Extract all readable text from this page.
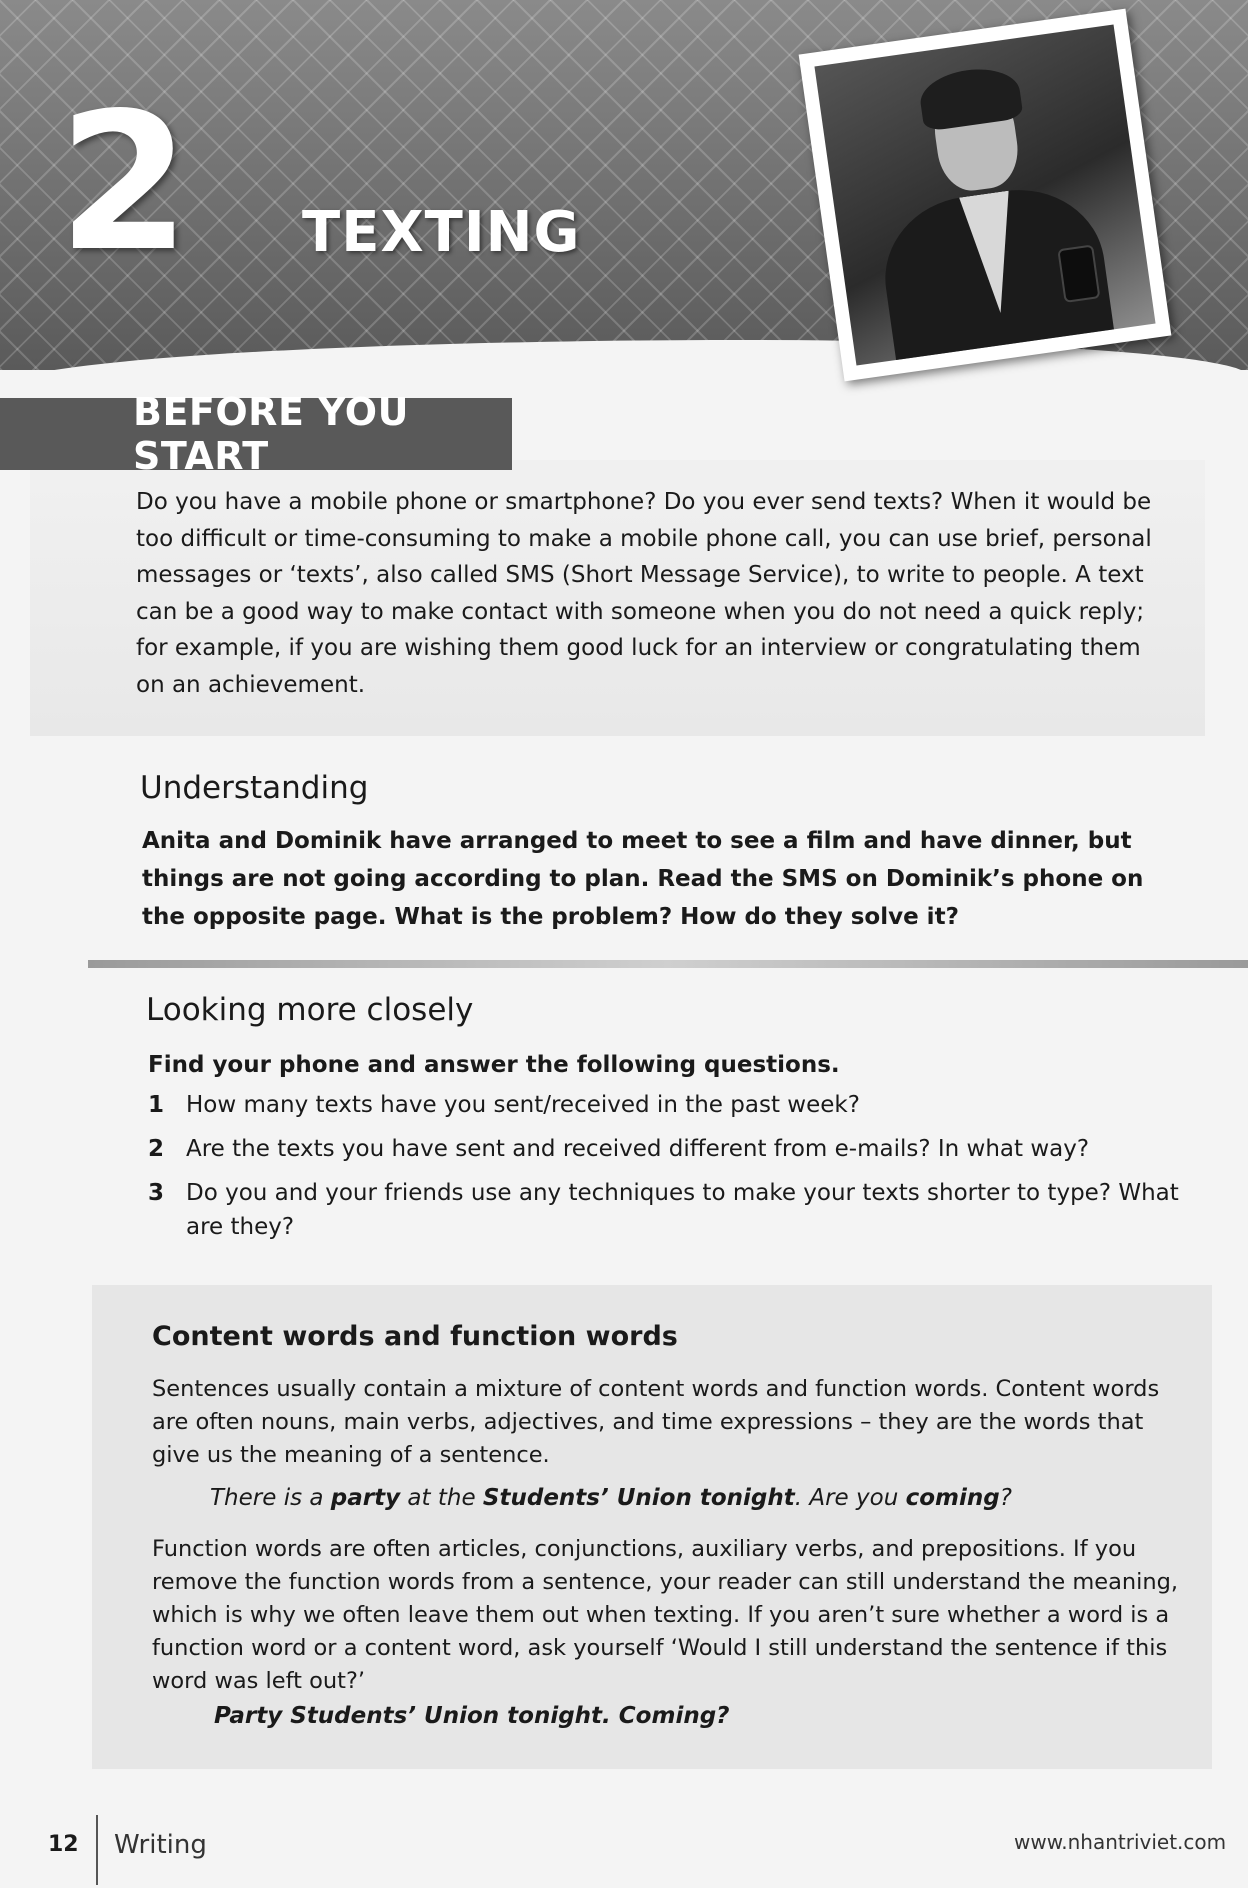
2 TEXTING
BEFORE YOU START

Do you have a mobile phone or smartphone? Do you ever send texts? When it would be too difficult or time-consuming to make a mobile phone call, you can use brief, personal messages or ‘texts’, also called SMS (Short Message Service), to write to people. A text can be a good way to make contact with someone when you do not need a quick reply; for example, if you are wishing them good luck for an interview or congratulating them on an achievement.

Understanding

Anita and Dominik have arranged to meet to see a film and have dinner, but things are not going according to plan. Read the SMS on Dominik’s phone on the opposite page. What is the problem? How do they solve it?

Looking more closely

Find your phone and answer the following questions.

1 How many texts have you sent/received in the past week?
2 Are the texts you have sent and received different from e-mails? In what way?
3 Do you and your friends use any techniques to make your texts shorter to type? What are they?
Content words and function words

Sentences usually contain a mixture of content words and function words. Content words are often nouns, main verbs, adjectives, and time expressions – they are the words that give us the meaning of a sentence.

There is a party at the Students’ Union tonight. Are you coming?

Function words are often articles, conjunctions, auxiliary verbs, and prepositions. If you remove the function words from a sentence, your reader can still understand the meaning, which is why we often leave them out when texting. If you aren’t sure whether a word is a function word or a content word, ask yourself ‘Would I still understand the sentence if this word was left out?’

Party Students’ Union tonight. Coming?

12 Writing	www.nhantriviet.com
